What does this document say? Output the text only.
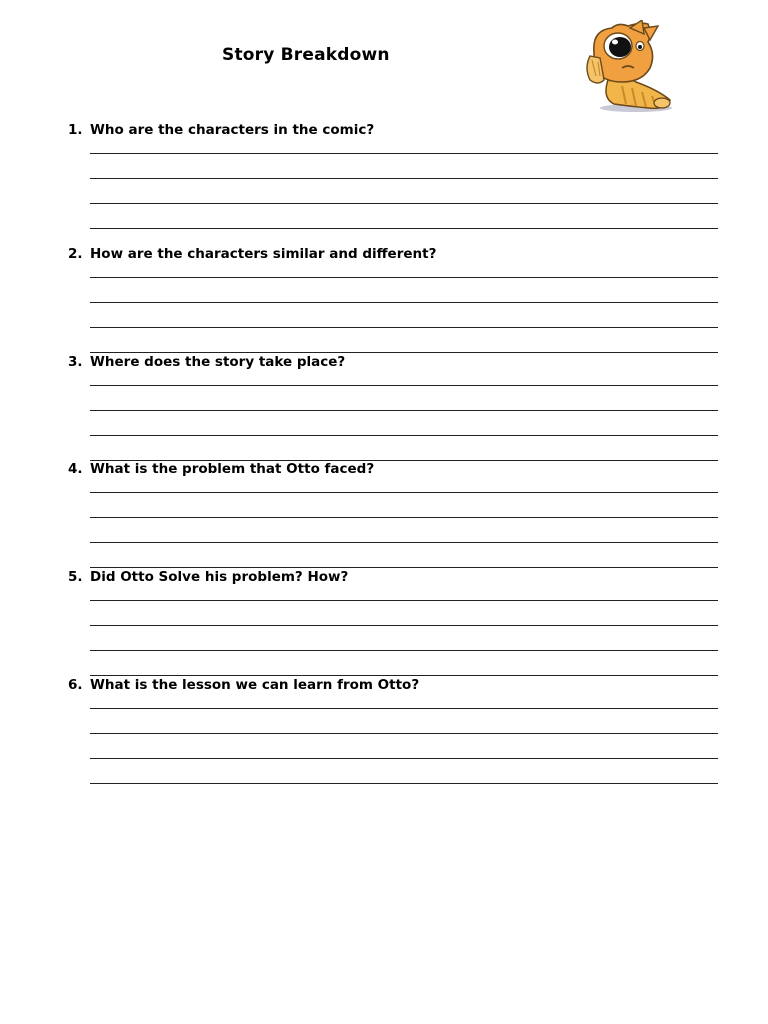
Story Breakdown
1. Who are the characters in the comic?
2. How are the characters similar and different?
3. Where does the story take place?
4. What is the problem that Otto faced?
5. Did Otto Solve his problem? How?
6. What is the lesson we can learn from Otto?
